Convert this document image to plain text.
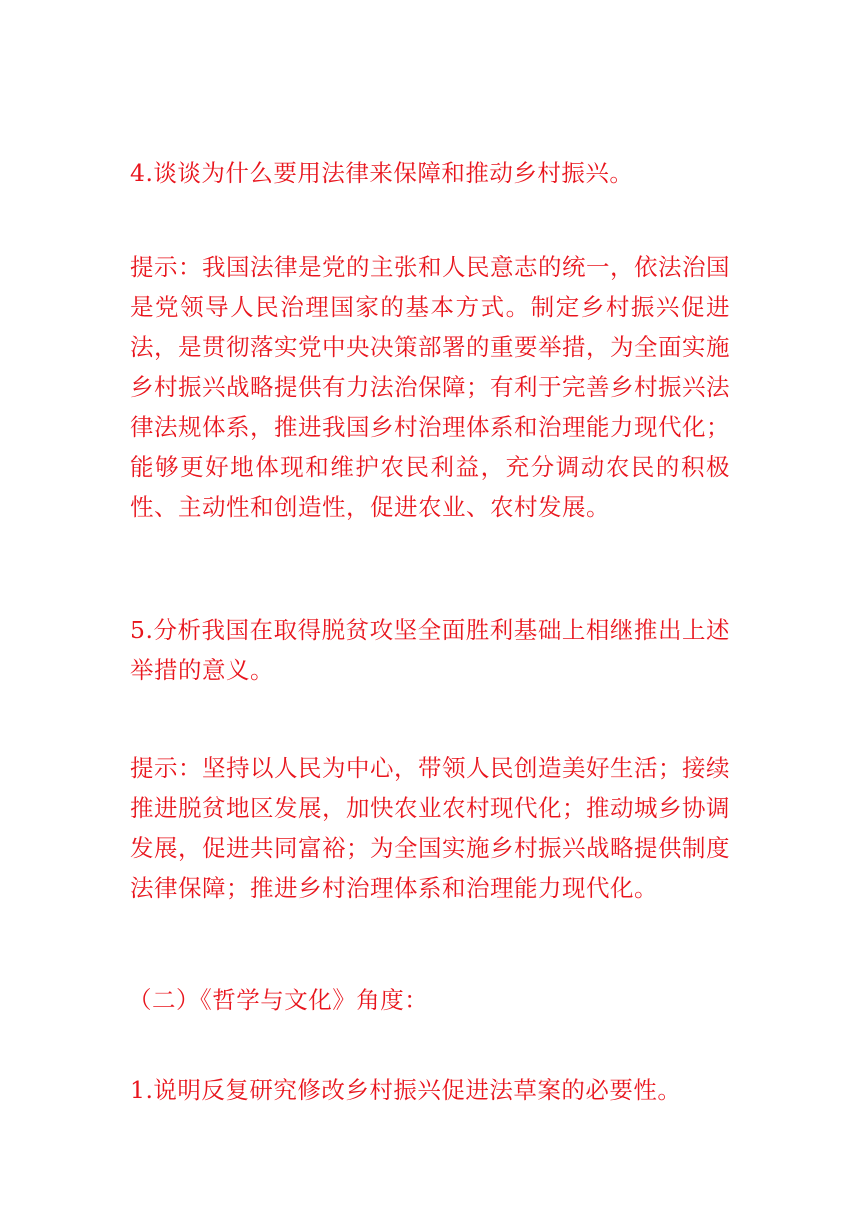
4.谈谈为什么要用法律来保障和推动乡村振兴。

提示：我国法律是党的主张和人民意志的统一，依法治国是党领导人民治理国家的基本方式。制定乡村振兴促进法，是贯彻落实党中央决策部署的重要举措，为全面实施乡村振兴战略提供有力法治保障；有利于完善乡村振兴法律法规体系，推进我国乡村治理体系和治理能力现代化；能够更好地体现和维护农民利益，充分调动农民的积极性、主动性和创造性，促进农业、农村发展。

5.分析我国在取得脱贫攻坚全面胜利基础上相继推出上述举措的意义。

提示：坚持以人民为中心，带领人民创造美好生活；接续推进脱贫地区发展，加快农业农村现代化；推动城乡协调发展，促进共同富裕；为全国实施乡村振兴战略提供制度法律保障；推进乡村治理体系和治理能力现代化。

（二）《哲学与文化》角度：

1.说明反复研究修改乡村振兴促进法草案的必要性。
